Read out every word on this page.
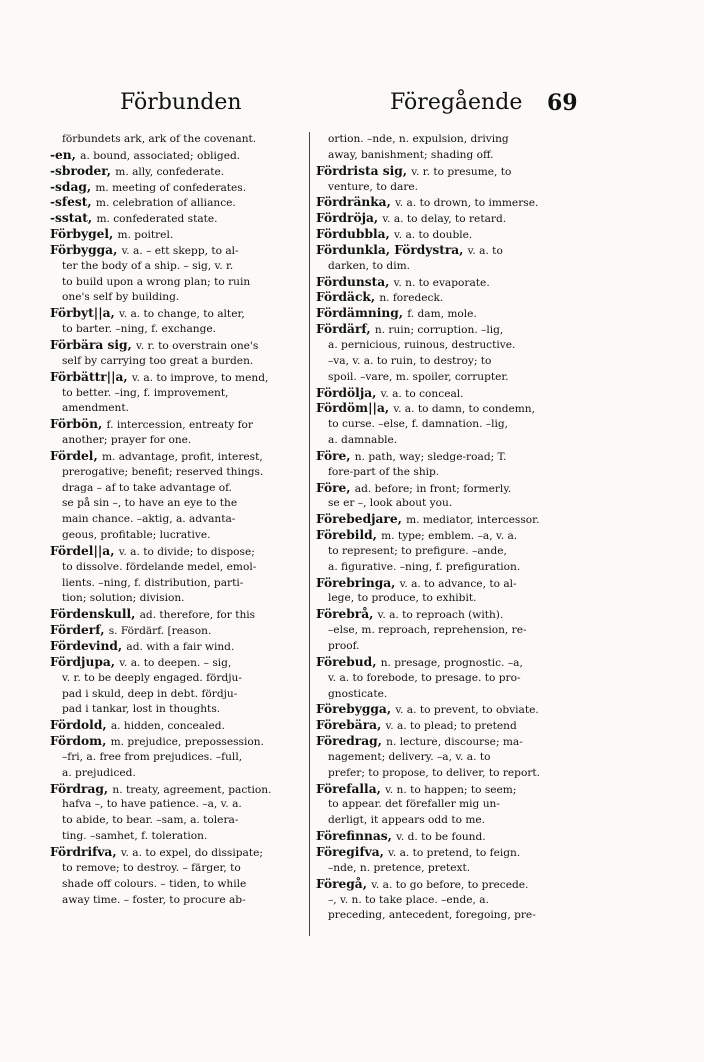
Förbunden	Föregående 69
förbundets ark, ark of the covenant.
-en, a. bound, associated; obliged.
-sbroder, m. ally, confederate.
-sdag, m. meeting of confederates.
-sfest, m. celebration of alliance.
-sstat, m. confederated state.
Förbygel, m. poitrel.
Förbygga, v. a. – ett skepp, to al-
ter the body of a ship. – sig, v. r.
to build upon a wrong plan; to ruin
one's self by building.
Förbyt||a, v. a. to change, to alter,
to barter. –ning, f. exchange.
Förbära sig, v. r. to overstrain one's
self by carrying too great a burden.
Förbättr||a, v. a. to improve, to mend,
to better. –ing, f. improvement,
amendment.
Förbön, f. intercession, entreaty for
another; prayer for one.
Fördel, m. advantage, profit, interest,
prerogative; benefit; reserved things.
draga – af to take advantage of.
se på sin –, to have an eye to the
main chance. –aktig, a. advanta-
geous, profitable; lucrative.
Fördel||a, v. a. to divide; to dispose;
to dissolve. fördelande medel, emol-
lients. –ning, f. distribution, parti-
tion; solution; division.
Fördenskull, ad. therefore, for this
Förderf, s. Fördärf. [reason.
Fördevind, ad. with a fair wind.
Fördjupa, v. a. to deepen. – sig,
v. r. to be deeply engaged. fördju-
pad i skuld, deep in debt. fördju-
pad i tankar, lost in thoughts.
Fördold, a. hidden, concealed.
Fördom, m. prejudice, prepossession.
–fri, a. free from prejudices. –full,
a. prejudiced.
Fördrag, n. treaty, agreement, paction.
hafva –, to have patience. –a, v. a.
to abide, to bear. –sam, a. tolera-
ting. –samhet, f. toleration.
Fördrifva, v. a. to expel, do dissipate;
to remove; to destroy. – färger, to
shade off colours. – tiden, to while
away time. – foster, to procure ab-
ortion. –nde, n. expulsion, driving
away, banishment; shading off.
Fördrista sig, v. r. to presume, to
venture, to dare.
Fördränka, v. a. to drown, to immerse.
Fördröja, v. a. to delay, to retard.
Fördubbla, v. a. to double.
Fördunkla, Fördystra, v. a. to
darken, to dim.
Fördunsta, v. n. to evaporate.
Fördäck, n. foredeck.
Fördämning, f. dam, mole.
Fördärf, n. ruin; corruption. –lig,
a. pernicious, ruinous, destructive.
–va, v. a. to ruin, to destroy; to
spoil. –vare, m. spoiler, corrupter.
Fördölja, v. a. to conceal.
Fördöm||a, v. a. to damn, to condemn,
to curse. –else, f. damnation. –lig,
a. damnable.
Före, n. path, way; sledge-road; T.
fore-part of the ship.
Före, ad. before; in front; formerly.
se er –, look about you.
Förebedjare, m. mediator, intercessor.
Förebild, m. type; emblem. –a, v. a.
to represent; to prefigure. –ande,
a. figurative. –ning, f. prefiguration.
Förebringa, v. a. to advance, to al-
lege, to produce, to exhibit.
Förebrå, v. a. to reproach (with).
–else, m. reproach, reprehension, re-
proof.
Förebud, n. presage, prognostic. –a,
v. a. to forebode, to presage. to pro-
gnosticate.
Förebygga, v. a. to prevent, to obviate.
Förebära, v. a. to plead; to pretend
Föredrag, n. lecture, discourse; ma-
nagement; delivery. –a, v. a. to
prefer; to propose, to deliver, to report.
Förefalla, v. n. to happen; to seem;
to appear. det förefaller mig un-
derligt, it appears odd to me.
Förefinnas, v. d. to be found.
Föregifva, v. a. to pretend, to feign.
–nde, n. pretence, pretext.
Föregå, v. a. to go before, to precede.
–, v. n. to take place. –ende, a.
preceding, antecedent, foregoing, pre-
